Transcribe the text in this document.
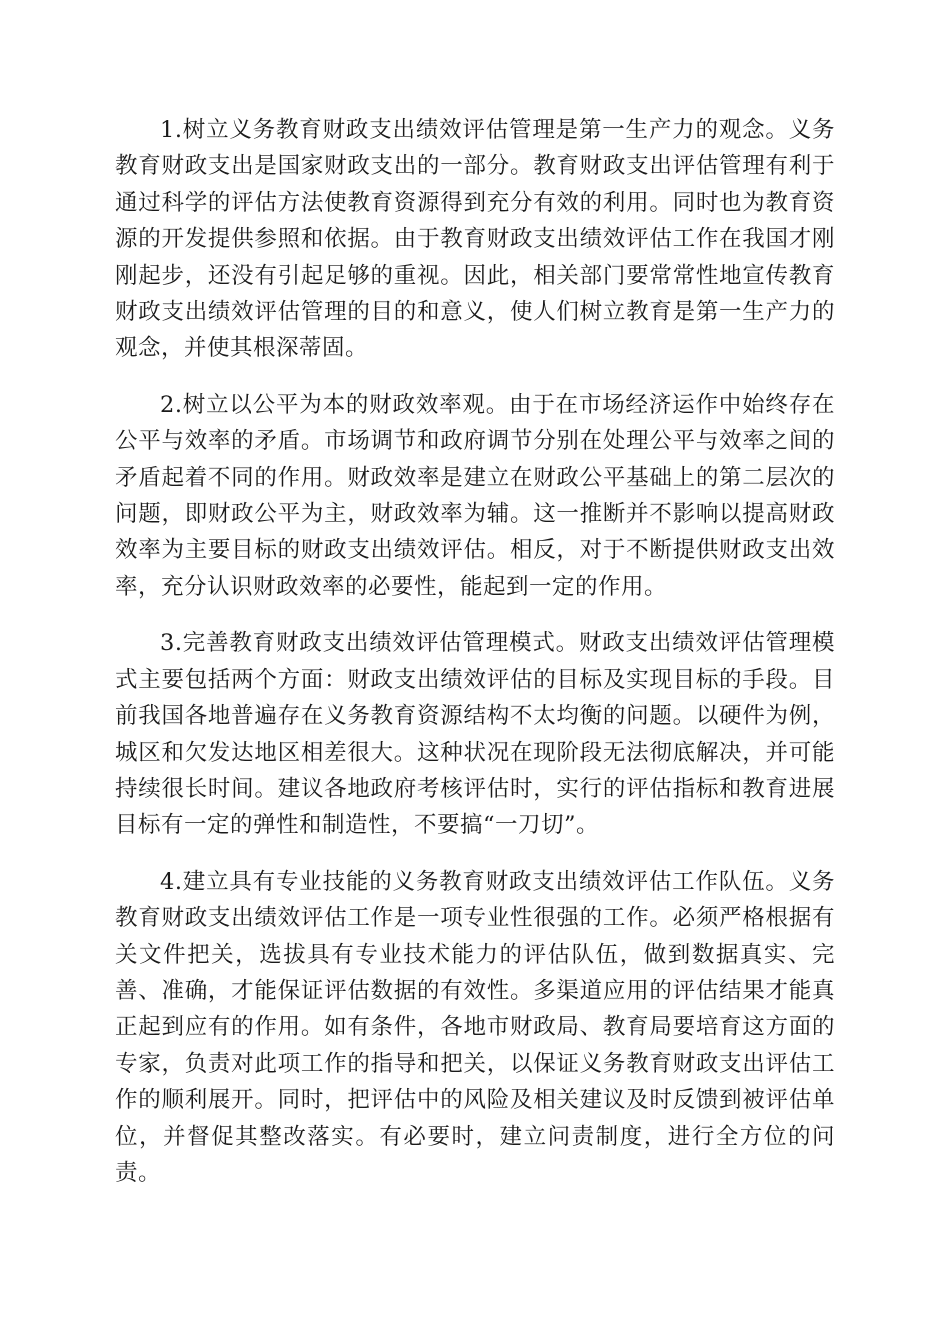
1.树立义务教育财政支出绩效评估管理是第一生产力的观念。义务教育财政支出是国家财政支出的一部分。教育财政支出评估管理有利于通过科学的评估方法使教育资源得到充分有效的利用。同时也为教育资源的开发提供参照和依据。由于教育财政支出绩效评估工作在我国才刚刚起步，还没有引起足够的重视。因此，相关部门要常常性地宣传教育财政支出绩效评估管理的目的和意义，使人们树立教育是第一生产力的观念，并使其根深蒂固。

2.树立以公平为本的财政效率观。由于在市场经济运作中始终存在公平与效率的矛盾。市场调节和政府调节分别在处理公平与效率之间的矛盾起着不同的作用。财政效率是建立在财政公平基础上的第二层次的问题，即财政公平为主，财政效率为辅。这一推断并不影响以提高财政效率为主要目标的财政支出绩效评估。相反，对于不断提供财政支出效率，充分认识财政效率的必要性，能起到一定的作用。

3.完善教育财政支出绩效评估管理模式。财政支出绩效评估管理模式主要包括两个方面：财政支出绩效评估的目标及实现目标的手段。目前我国各地普遍存在义务教育资源结构不太均衡的问题。以硬件为例，城区和欠发达地区相差很大。这种状况在现阶段无法彻底解决，并可能持续很长时间。建议各地政府考核评估时，实行的评估指标和教育进展目标有一定的弹性和制造性，不要搞“一刀切”。

4.建立具有专业技能的义务教育财政支出绩效评估工作队伍。义务教育财政支出绩效评估工作是一项专业性很强的工作。必须严格根据有关文件把关，选拔具有专业技术能力的评估队伍，做到数据真实、完善、准确，才能保证评估数据的有效性。多渠道应用的评估结果才能真正起到应有的作用。如有条件，各地市财政局、教育局要培育这方面的专家，负责对此项工作的指导和把关，以保证义务教育财政支出评估工作的顺利展开。同时，把评估中的风险及相关建议及时反馈到被评估单位，并督促其整改落实。有必要时，建立问责制度，进行全方位的问责。
